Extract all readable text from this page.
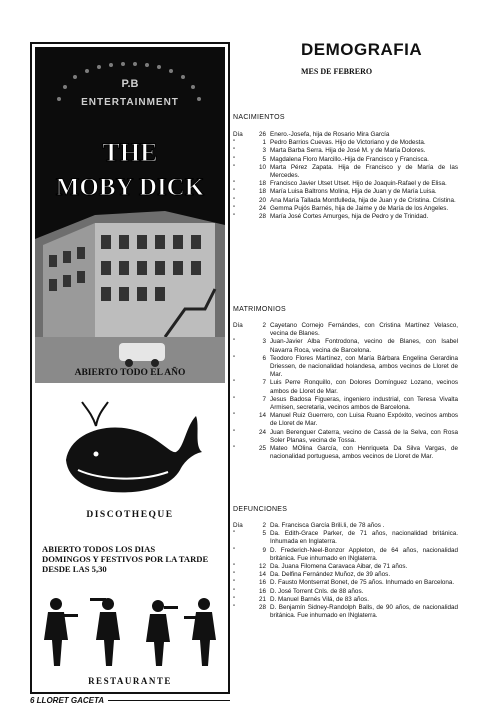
P.B
ENTERTAINMENT
THE
MOBY DICK
ABIERTO TODO EL AÑO
DISCOTHEQUE
ABIERTO TODOS LOS DIAS
DOMINGOS Y FESTIVOS POR LA TARDE
DESDE LAS 5,30
RESTAURANTE
6 LLORET GACETA
DEMOGRAFIA
MES DE FEBRERO
NACIMIENTOS
Día	26 Enero.-Josefa, hija de Rosario Mira García
"	1 Pedro Barrios Cuevas. Hijo de Victoriano y de Modesta.
"	3 Marta Barba Serra. Hija de José M. y de María Dolores.
"	5 Magdalena Floro Marcillo.-Hija de Francisco y Francisca.
"	10 Marta Pérez Zapata. Hija de Francisco y de María de las Mercedes.
"	18 Francisco Javier Utset Utset. Hijo de Joaquin-Rafael y de Elisa.
"	18 María Luisa Baltrons Molina, Hija de Juan y de María Luisa.
"	20 Ana María Tallada Montfulleda, hija de Juan y de Cristina. Cristina.
"	24 Gemma Pujós Barnés, hija de Jaime y de María de los Angeles.
"	28 María José Cortes Amurges, hija de Pedro y de Trinidad.
MATRIMONIOS
Día	2 Cayetano Cornejo Fernándes, con Cristina Martínez Velasco, vecina de Blanes.
"	3 Juan-Javier Alba Fontrodona, vecino de Blanes, con Isabel Navarra Roca, vecina de Barcelona.
"	6 Teodoro Flores Martínez, con María Bárbara Engelina Gerardina Driessen, de nacionalidad holandesa, ambos vecinos de Lloret de Mar.
"	7 Luis Perre Ronquillo, con Dolores Domínguez Lozano, vecinos ambos de Lloret de Mar.
"	7 Jesus Badosa Figueras, ingeniero industrial, con Teresa Vivalta Armisen, secretaria, vecinos ambos de Barcelona.
"	14 Manuel Ruiz Guerrero, con Luisa Ruano Expóxito, vecinos ambos de Lloret de Mar.
"	24 Juan Berenguer Caterra, vecino de Cassá de la Selva, con Rosa Soler Planas, vecina de Tossa.
"	25 Mateo MOlina García, con Henriqueta Da Silva Vargas, de nacionalidad portuguesa, ambos vecinos de Lloret de Mar.
DEFUNCIONES
Día	2 Da. Francisca García Brili.li, de 78 años .
"	5 Da. Edith-Grace Parker, de 71 años, nacionalidad británica. Inhumada en Inglaterra.
"	9 D. Frederich-Neel-Bonzor Appleton, de 64 años, nacionalidad británica. Fue inhumado en INglaterra.
"	12 Da. Juana Filomena Caravaca Aibar, de 71 años.
"	14 Da. Delfina Fernández Muñoz, de 39 años.
"	16 D. Fausto Montserrat Bonet, de 75 años. Inhumado en Barcelona.
"	16 D. José Torrent Cnls. de 88 años.
"	21 D. Manuel Barnés Vilá, de 83 años.
"	28 D. Benjamín Sidney-Randolph Balls, de 90 años, de nacionalidad británica. Fue inhumado en INglaterra.
